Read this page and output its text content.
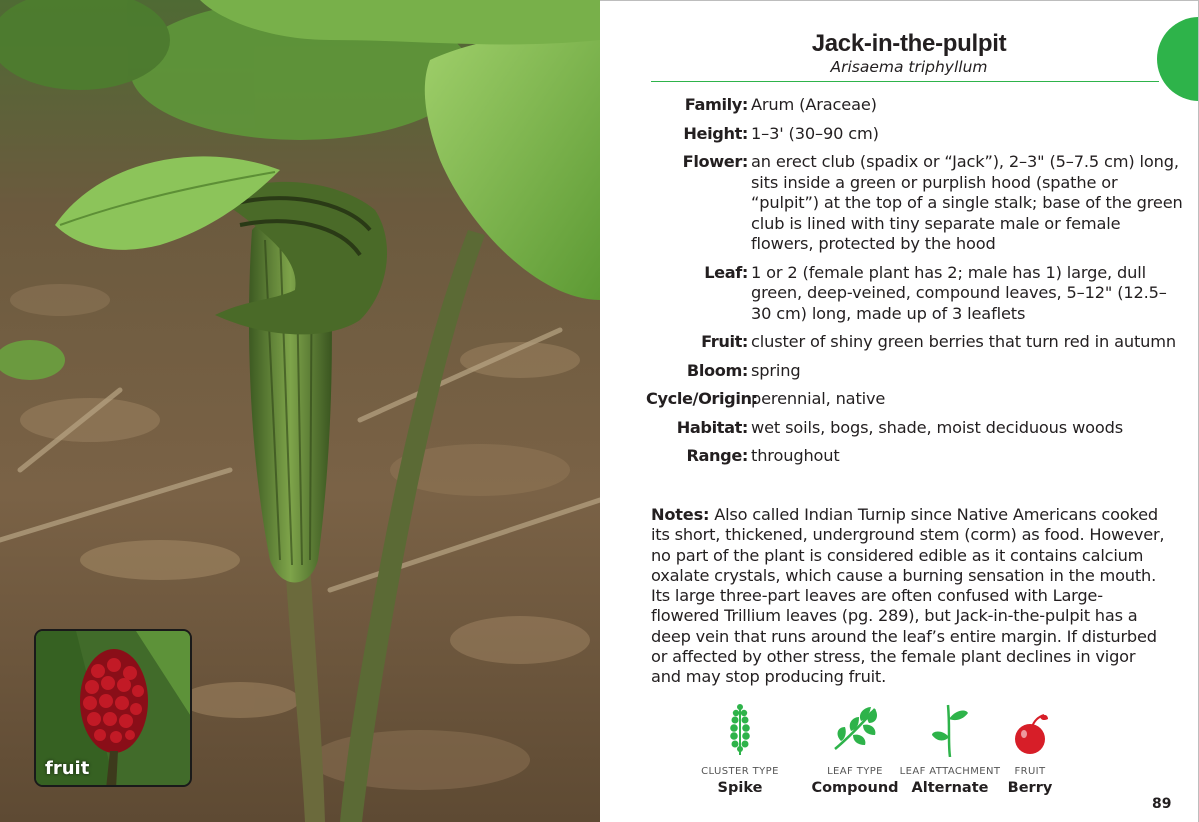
fruit
Jack-in-the-pulpit
Arisaema triphyllum
Family: Arum (Araceae)
Height: 1–3' (30–90 cm)
Flower: an erect club (spadix or “Jack”), 2–3" (5–7.5 cm) long, sits inside a green or purplish hood (spathe or “pulpit”) at the top of a single stalk; base of the green club is lined with tiny separate male or female flowers, protected by the hood
Leaf: 1 or 2 (female plant has 2; male has 1) large, dull green, deep-veined, compound leaves, 5–12" (12.5–30 cm) long, made up of 3 leaflets
Fruit: cluster of shiny green berries that turn red in autumn
Bloom: spring
Cycle/Origin:
perennial, native
Habitat: wet soils, bogs, shade, moist deciduous woods
Range: throughout
Notes: Also called Indian Turnip since Native Americans cooked its short, thickened, underground stem (corm) as food. However, no part of the plant is considered edible as it contains calcium oxalate crystals, which cause a burning sensation in the mouth. Its large three-part leaves are often confused with Large-flowered Trillium leaves (pg. 289), but Jack-in-the-pulpit has a deep vein that runs around the leaf’s entire margin. If disturbed or affected by other stress, the female plant declines in vigor and may stop producing fruit.
CLUSTER TYPE
Spike
LEAF TYPE
Compound
LEAF ATTACHMENT
Alternate
FRUIT
Berry
89
